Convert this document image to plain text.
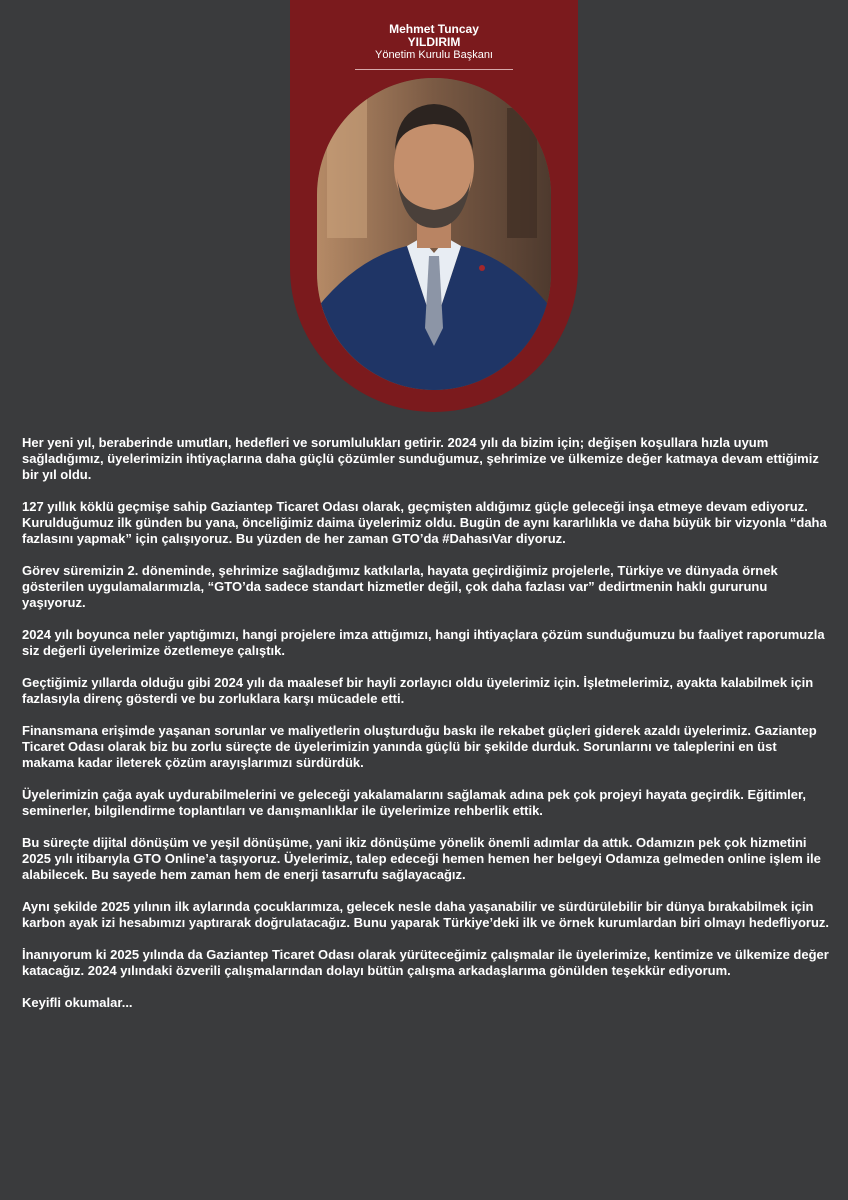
Mehmet Tuncay
YILDIRIM
Yönetim Kurulu Başkanı

Her yeni yıl, beraberinde umutları, hedefleri ve sorumlulukları getirir. 2024 yılı da bizim için; değişen koşullara hızla uyum sağladığımız, üyelerimizin ihtiyaçlarına daha güçlü çözümler sunduğumuz, şehrimize ve ülkemize değer katmaya devam ettiğimiz bir yıl oldu.

127 yıllık köklü geçmişe sahip Gaziantep Ticaret Odası olarak, geçmişten aldığımız güçle geleceği inşa etmeye devam ediyoruz. Kurulduğumuz ilk günden bu yana, önceliğimiz daima üyelerimiz oldu. Bugün de aynı kararlılıkla ve daha büyük bir vizyonla “daha fazlasını yapmak” için çalışıyoruz. Bu yüzden de her zaman GTO’da #DahasıVar diyoruz.

Görev süremizin 2. döneminde, şehrimize sağladığımız katkılarla, hayata geçirdiğimiz projelerle, Türkiye ve dünyada örnek gösterilen uygulamalarımızla, “GTO’da sadece standart hizmetler değil, çok daha fazlası var” dedirtmenin haklı gururunu yaşıyoruz.

2024 yılı boyunca neler yaptığımızı, hangi projelere imza attığımızı, hangi ihtiyaçlara çözüm sunduğumuzu bu faaliyet raporumuzla siz değerli üyelerimize özetlemeye çalıştık.

Geçtiğimiz yıllarda olduğu gibi 2024 yılı da maalesef bir hayli zorlayıcı oldu üyelerimiz için. İşletmelerimiz, ayakta kalabilmek için fazlasıyla direnç gösterdi ve bu zorluklara karşı mücadele etti.

Finansmana erişimde yaşanan sorunlar ve maliyetlerin oluşturduğu baskı ile rekabet güçleri giderek azaldı üyelerimiz. Gaziantep Ticaret Odası olarak biz bu zorlu süreçte de üyelerimizin yanında güçlü bir şekilde durduk. Sorunlarını ve taleplerini en üst makama kadar ileterek çözüm arayışlarımızı sürdürdük.

Üyelerimizin çağa ayak uydurabilmelerini ve geleceği yakalamalarını sağlamak adına pek çok projeyi hayata geçirdik. Eğitimler, seminerler, bilgilendirme toplantıları ve danışmanlıklar ile üyelerimize rehberlik ettik.

Bu süreçte dijital dönüşüm ve yeşil dönüşüme, yani ikiz dönüşüme yönelik önemli adımlar da attık. Odamızın pek çok hizmetini 2025 yılı itibarıyla GTO Online’a taşıyoruz. Üyelerimiz, talep edeceği hemen hemen her belgeyi Odamıza gelmeden online işlem ile alabilecek. Bu sayede hem zaman hem de enerji tasarrufu sağlayacağız.

Aynı şekilde 2025 yılının ilk aylarında çocuklarımıza, gelecek nesle daha yaşanabilir ve sürdürülebilir bir dünya bırakabilmek için karbon ayak izi hesabımızı yaptırarak doğrulatacağız. Bunu yaparak Türkiye’deki ilk ve örnek kurumlardan biri olmayı hedefliyoruz.

İnanıyorum ki 2025 yılında da Gaziantep Ticaret Odası olarak yürüteceğimiz çalışmalar ile üyelerimize, kentimize ve ülkemize değer katacağız. 2024 yılındaki özverili çalışmalarından dolayı bütün çalışma arkadaşlarıma gönülden teşekkür ediyorum.

Keyifli okumalar...
